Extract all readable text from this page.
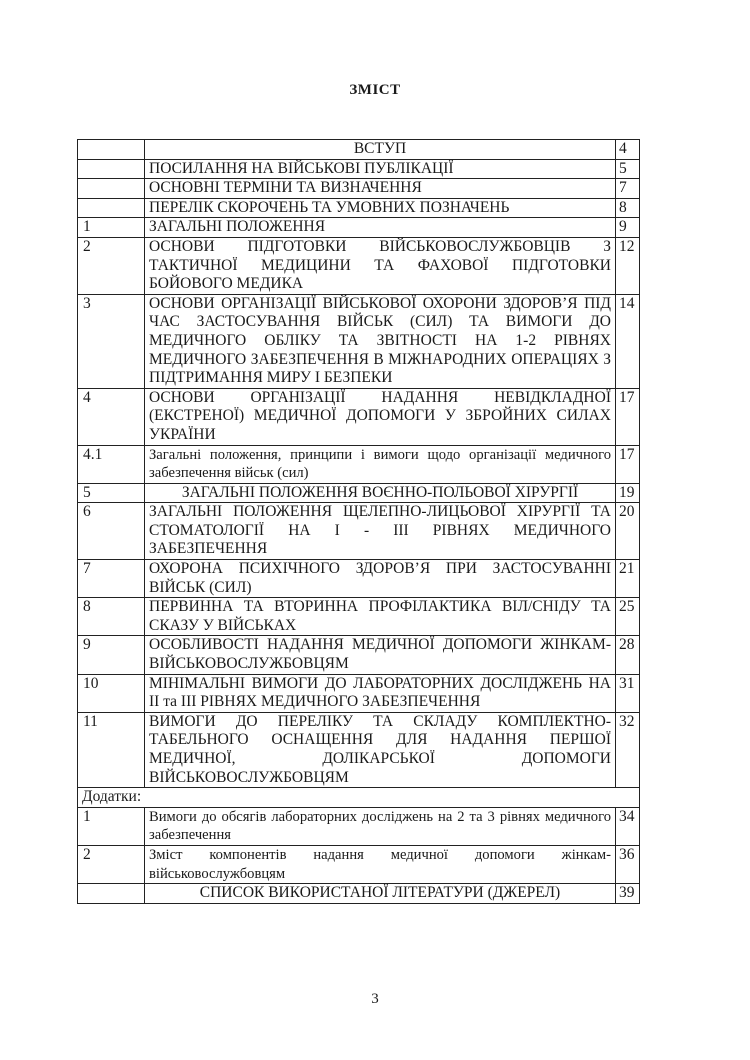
ЗМІСТ
	ВСТУП	4
	ПОСИЛАННЯ НА ВІЙСЬКОВІ ПУБЛІКАЦІЇ	5
	ОСНОВНІ ТЕРМІНИ ТА ВИЗНАЧЕННЯ	7
	ПЕРЕЛІК СКОРОЧЕНЬ ТА УМОВНИХ ПОЗНАЧЕНЬ	8
1	ЗАГАЛЬНІ ПОЛОЖЕННЯ	9
2	ОСНОВИ ПІДГОТОВКИ ВІЙСЬКОВОСЛУЖБОВЦІВ З ТАКТИЧНОЇ МЕДИЦИНИ ТА ФАХОВОЇ ПІДГОТОВКИ БОЙОВОГО МЕДИКА	12
3	ОСНОВИ ОРГАНІЗАЦІЇ ВІЙСЬКОВОЇ ОХОРОНИ ЗДОРОВ’Я ПІД ЧАС ЗАСТОСУВАННЯ ВІЙСЬК (СИЛ) ТА ВИМОГИ ДО МЕДИЧНОГО ОБЛІКУ ТА ЗВІТНОСТІ НА 1-2 РІВНЯХ МЕДИЧНОГО ЗАБЕЗПЕЧЕННЯ В МІЖНАРОДНИХ ОПЕРАЦІЯХ З ПІДТРИМАННЯ МИРУ І БЕЗПЕКИ	14
4	ОСНОВИ ОРГАНІЗАЦІЇ НАДАННЯ НЕВІДКЛАДНОЇ (ЕКСТРЕНОЇ) МЕДИЧНОЇ ДОПОМОГИ У ЗБРОЙНИХ СИЛАХ УКРАЇНИ	17
4.1	Загальні положення, принципи і вимоги щодо організації медичного забезпечення військ (сил)	17
5	ЗАГАЛЬНІ ПОЛОЖЕННЯ ВОЄННО-ПОЛЬОВОЇ ХІРУРГІЇ	19
6	ЗАГАЛЬНІ ПОЛОЖЕННЯ ЩЕЛЕПНО-ЛИЦЬОВОЇ ХІРУРГІЇ ТА СТОМАТОЛОГІЇ НА І - ІІІ РІВНЯХ МЕДИЧНОГО ЗАБЕЗПЕЧЕННЯ	20
7	ОХОРОНА ПСИХІЧНОГО ЗДОРОВ’Я ПРИ ЗАСТОСУВАННІ ВІЙСЬК (СИЛ)	21
8	ПЕРВИННА ТА ВТОРИННА ПРОФІЛАКТИКА ВІЛ/СНІДУ ТА СКАЗУ У ВІЙСЬКАХ	25
9	ОСОБЛИВОСТІ НАДАННЯ МЕДИЧНОЇ ДОПОМОГИ ЖІНКАМ-ВІЙСЬКОВОСЛУЖБОВЦЯМ	28
10	МІНІМАЛЬНІ ВИМОГИ ДО ЛАБОРАТОРНИХ ДОСЛІДЖЕНЬ НА ІІ та ІІІ РІВНЯХ МЕДИЧНОГО ЗАБЕЗПЕЧЕННЯ	31
11	ВИМОГИ ДО ПЕРЕЛІКУ ТА СКЛАДУ КОМПЛЕКТНО-ТАБЕЛЬНОГО ОСНАЩЕННЯ ДЛЯ НАДАННЯ ПЕРШОЇ МЕДИЧНОЇ, ДОЛІКАРСЬКОЇ ДОПОМОГИ ВІЙСЬКОВОСЛУЖБОВЦЯМ	32
Додатки:		
1	Вимоги до обсягів лабораторних досліджень на 2 та 3 рівнях медичного забезпечення	34
2	Зміст компонентів надання медичної допомоги жінкам-військовослужбовцям	36
	СПИСОК ВИКОРИСТАНОЇ ЛІТЕРАТУРИ (ДЖЕРЕЛ)	39
3
